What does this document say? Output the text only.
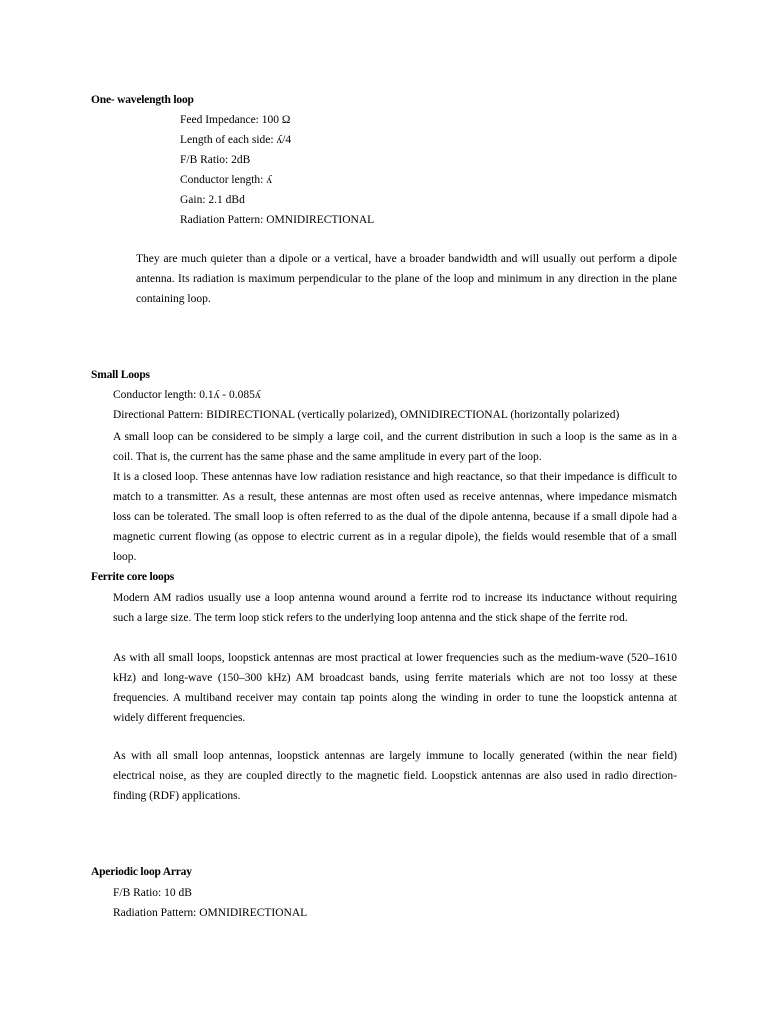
One- wavelength loop
Feed Impedance: 100 Ω
Length of each side: ʎ/4
F/B Ratio: 2dB
Conductor length: ʎ
Gain: 2.1 dBd
Radiation Pattern: OMNIDIRECTIONAL
They are much quieter than a dipole or a vertical, have a broader bandwidth and will usually out perform a dipole antenna. Its radiation is maximum perpendicular to the plane of the loop and minimum in any direction in the plane containing loop.
Small Loops
Conductor length: 0.1ʎ - 0.085ʎ
Directional Pattern: BIDIRECTIONAL (vertically polarized), OMNIDIRECTIONAL (horizontally polarized)
A small loop can be considered to be simply a large coil, and the current distribution in such a loop is the same as in a coil. That is, the current has the same phase and the same amplitude in every part of the loop.
It is a closed loop. These antennas have low radiation resistance and high reactance, so that their impedance is difficult to match to a transmitter. As a result, these antennas are most often used as receive antennas, where impedance mismatch loss can be tolerated. The small loop is often referred to as the dual of the dipole antenna, because if a small dipole had a magnetic current flowing (as oppose to electric current as in a regular dipole), the fields would resemble that of a small loop.
Ferrite core loops
Modern AM radios usually use a loop antenna wound around a ferrite rod to increase its inductance without requiring such a large size. The term loop stick refers to the underlying loop antenna and the stick shape of the ferrite rod.
As with all small loops, loopstick antennas are most practical at lower frequencies such as the medium-wave (520–1610 kHz) and long-wave (150–300 kHz) AM broadcast bands, using ferrite materials which are not too lossy at these frequencies. A multiband receiver may contain tap points along the winding in order to tune the loopstick antenna at widely different frequencies.
As with all small loop antennas, loopstick antennas are largely immune to locally generated (within the near field) electrical noise, as they are coupled directly to the magnetic field. Loopstick antennas are also used in radio direction-finding (RDF) applications.
Aperiodic loop Array
F/B Ratio: 10 dB
Radiation Pattern: OMNIDIRECTIONAL
